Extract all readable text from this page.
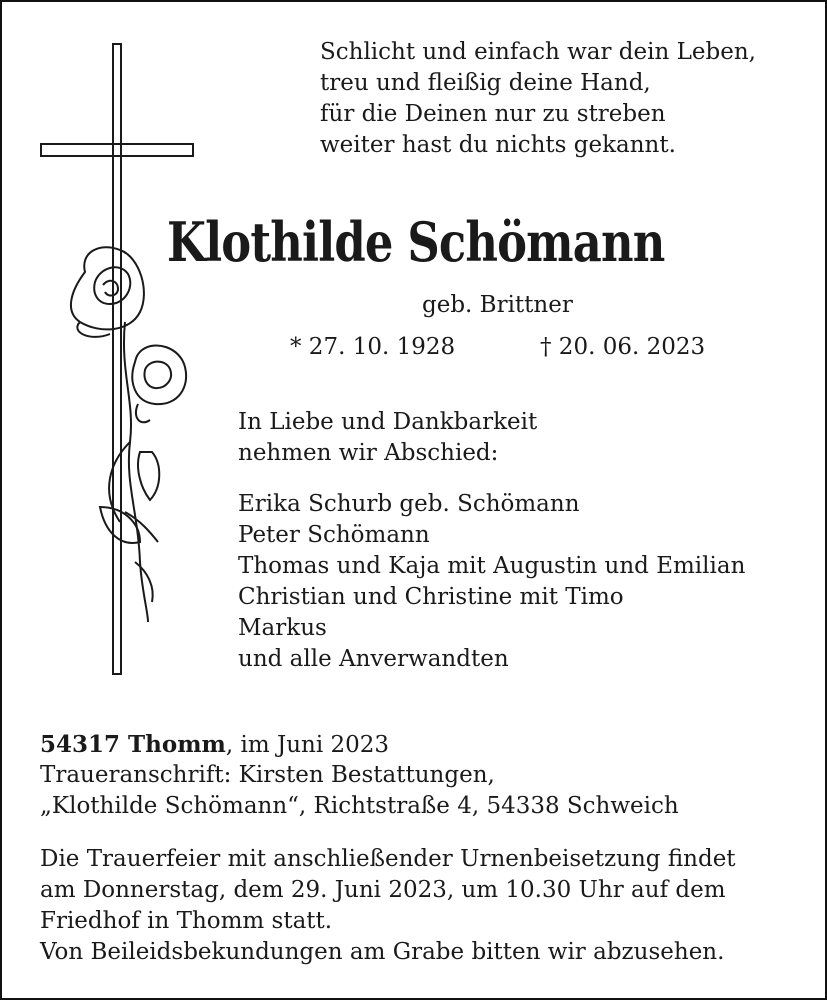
Schlicht und einfach war dein Leben,
treu und fleißig deine Hand,
für die Deinen nur zu streben
weiter hast du nichts gekannt.
Klothilde Schömann
geb. Brittner
* 27. 10. 1928	† 20. 06. 2023
In Liebe und Dankbarkeit
nehmen wir Abschied:
Erika Schurb geb. Schömann
Peter Schömann
Thomas und Kaja mit Augustin und Emilian
Christian und Christine mit Timo
Markus
und alle Anverwandten
54317 Thomm, im Juni 2023
Traueranschrift: Kirsten Bestattungen,
„Klothilde Schömann“, Richtstraße 4, 54338 Schweich
Die Trauerfeier mit anschließender Urnenbeisetzung findet
am Donnerstag, dem 29. Juni 2023, um 10.30 Uhr auf dem
Friedhof in Thomm statt.
Von Beileidsbekundungen am Grabe bitten wir abzusehen.
